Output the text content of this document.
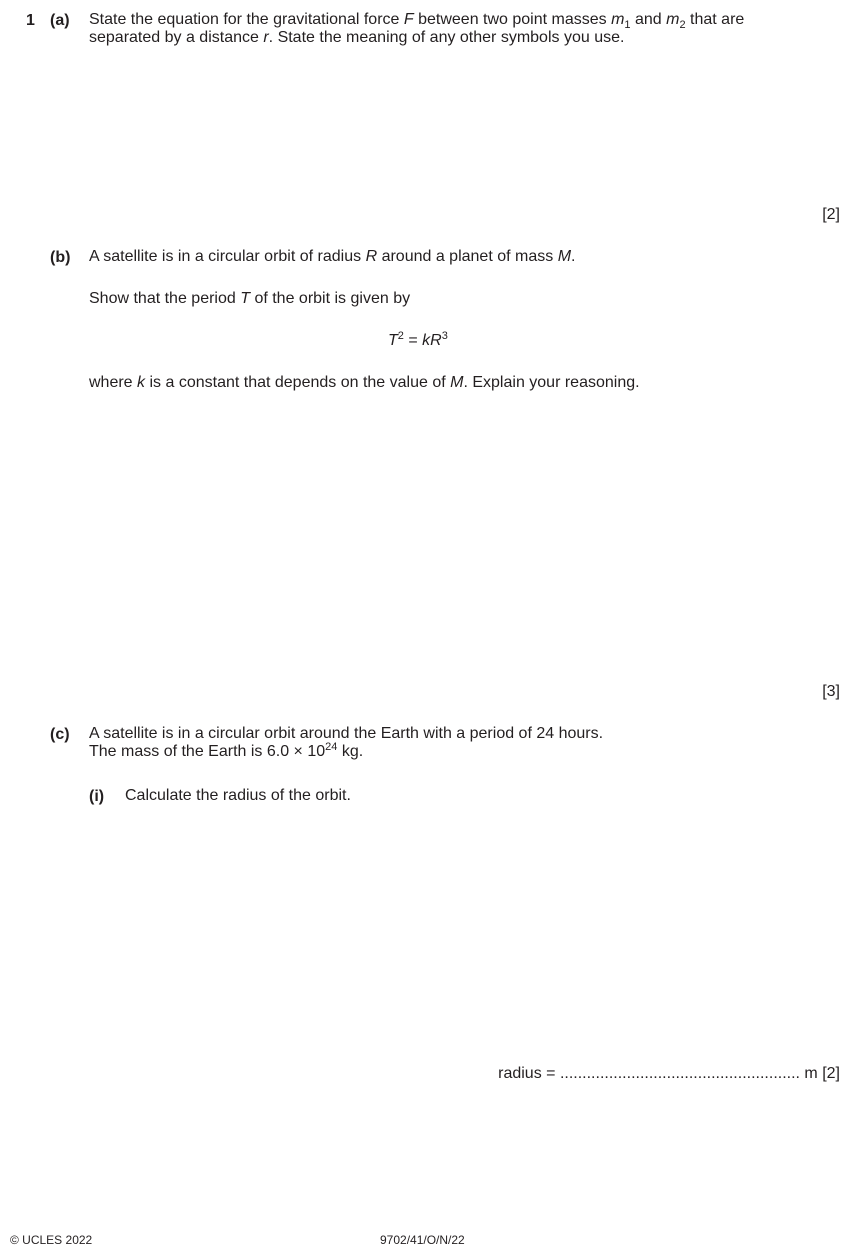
1 (a) State the equation for the gravitational force F between two point masses $m_1$ and $m_2$ that are
separated by a distance r. State the meaning of any other symbols you use.
[2]
(b) A satellite is in a circular orbit of radius R around a planet of mass M.
Show that the period T of the orbit is given by
$T^2 = kR^3$
where k is a constant that depends on the value of M. Explain your reasoning.
[3]
(c) A satellite is in a circular orbit around the Earth with a period of 24 hours.
The mass of the Earth is $6.0 \times 10^{24}$ kg.
(i) Calculate the radius of the orbit.
radius = ...................................................... m [2]
© UCLES 2022	9702/41/O/N/22
